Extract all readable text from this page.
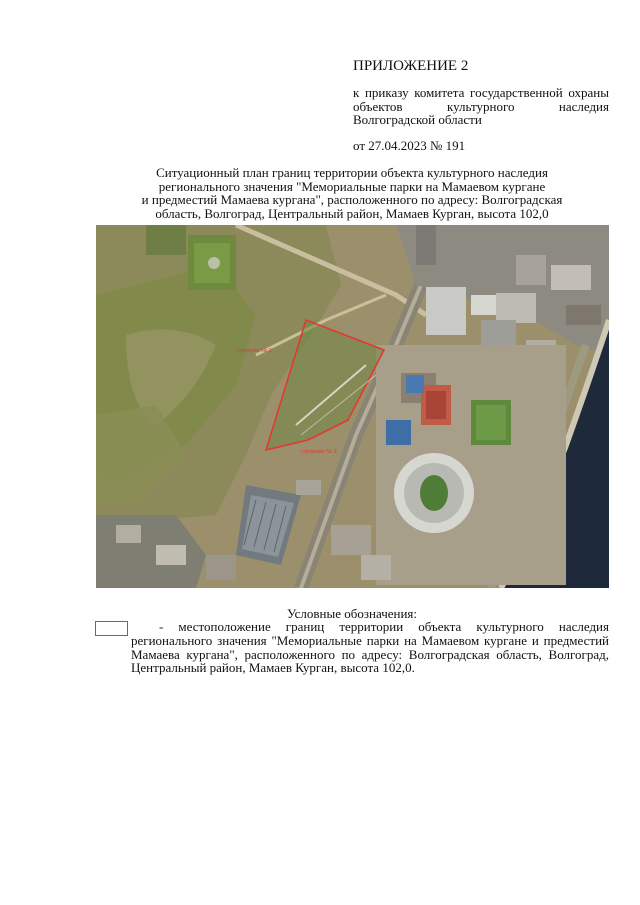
ПРИЛОЖЕНИЕ 2
к приказу комитета государственной охраны объектов культурного наследия Волгоградской области
от 27.04.2023 № 191
Ситуационный план границ территории объекта культурного наследия
регионального значения "Мемориальные парки на Мамаевом кургане
и предместий Мамаева кургана", расположенного по адресу: Волгоградская
область, Волгоград, Центральный район, Мамаев Курган, высота 102,0
строение № 1
строение № 2
Условные обозначения:
- местоположение границ территории объекта культурного наследия регионального значения "Мемориальные парки на Мамаевом кургане и предместий Мамаева кургана", расположенного по адресу: Волгоградская область, Волгоград, Центральный район, Мамаев Курган, высота 102,0.
